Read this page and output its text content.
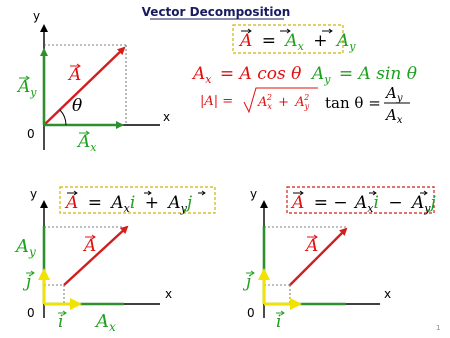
Vector Decomposition
y
x
0
θ
A
$A_y$
$A_x$
$A = A_x + A_y$
$A_x = A$ cos θ $A_y = A$ sin θ
$|A| = A_x2 + A_y2$ tan θ =
$A_y$
$A_x$
y
x
0
$A = A_xi + A_yj$
A
$A_y$
$A_x$
j
i
y
x
0
A = − $A_xi - A_yj$
A
j
i	1
